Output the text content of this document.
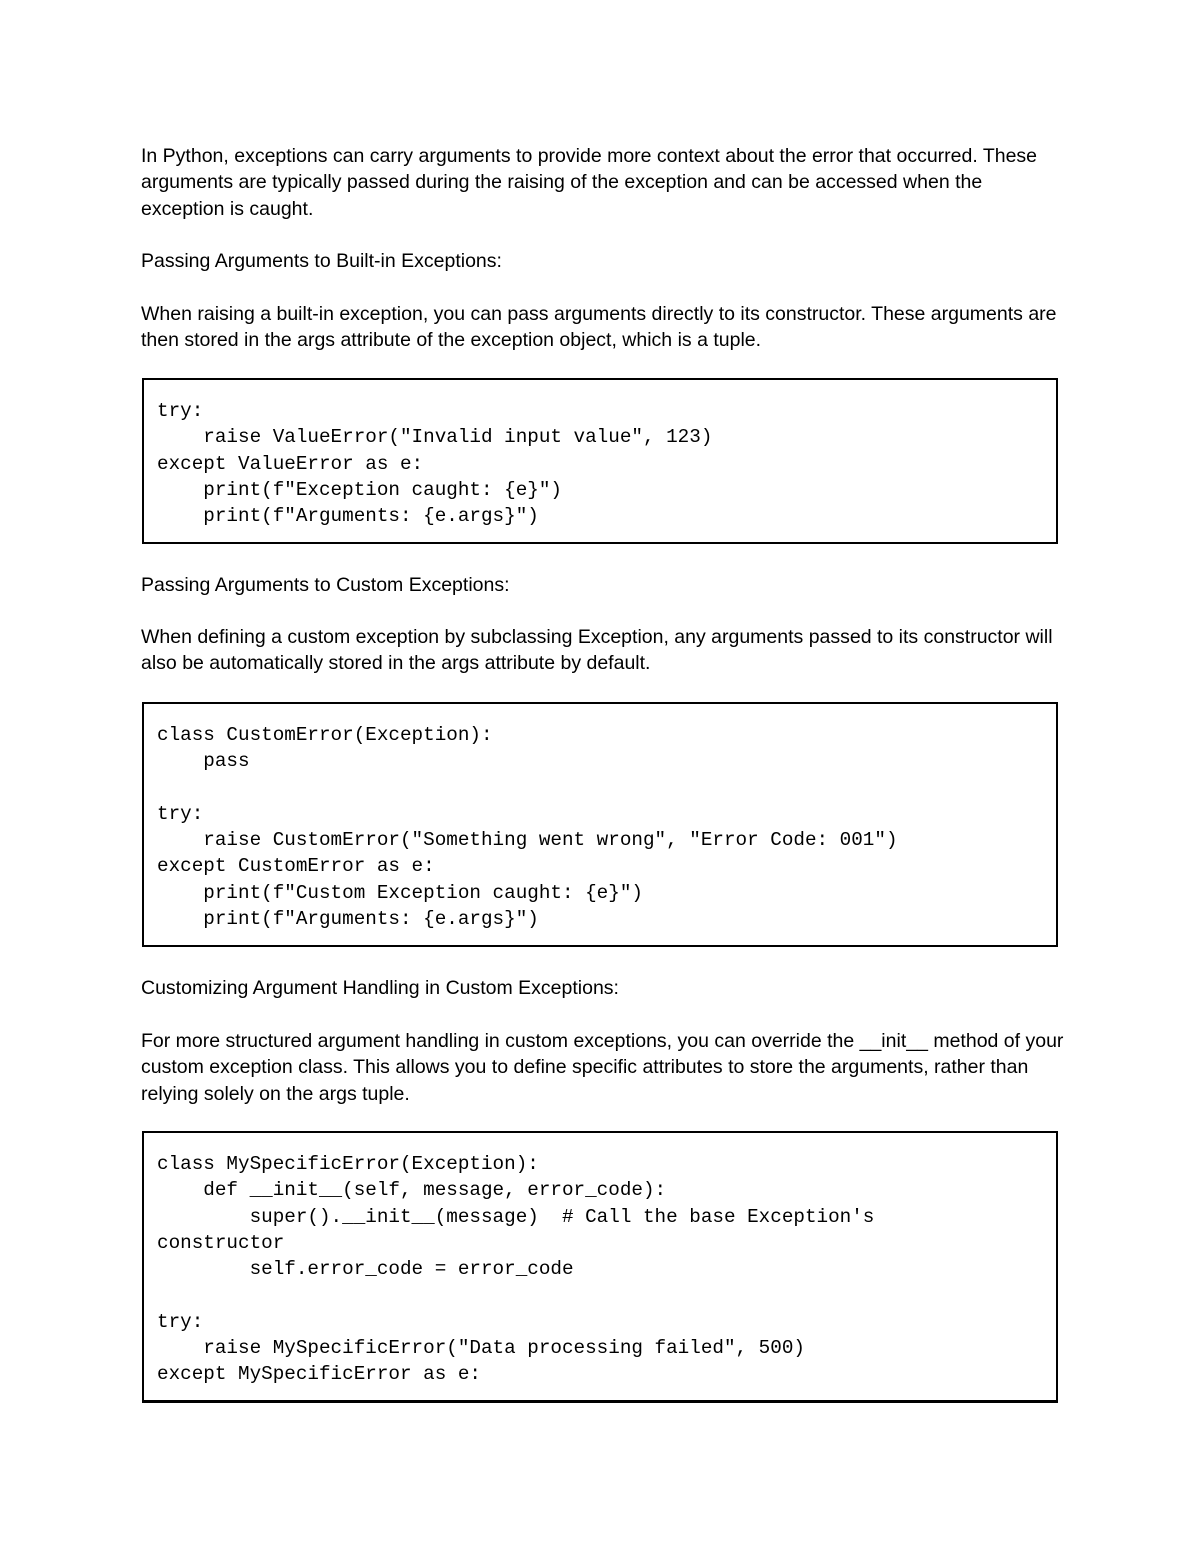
In Python, exceptions can carry arguments to provide more context about the error that occurred. These arguments are typically passed during the raising of the exception and can be accessed when the exception is caught.

Passing Arguments to Built-in Exceptions:

When raising a built-in exception, you can pass arguments directly to its constructor. These arguments are then stored in the args attribute of the exception object, which is a tuple.

try:
raise ValueError("Invalid input value", 123)
except ValueError as e:
print(f"Exception caught: {e}")
print(f"Arguments: {e.args}")

Passing Arguments to Custom Exceptions:

When defining a custom exception by subclassing Exception, any arguments passed to its constructor will also be automatically stored in the args attribute by default.

class CustomError(Exception):
pass
try:
raise CustomError("Something went wrong", "Error Code: 001")
except CustomError as e:
print(f"Custom Exception caught: {e}")
print(f"Arguments: {e.args}")

Customizing Argument Handling in Custom Exceptions:

For more structured argument handling in custom exceptions, you can override the __init__ method of your custom exception class. This allows you to define specific attributes to store the arguments, rather than relying solely on the args tuple.

class MySpecificError(Exception):
def __init__(self, message, error_code):
super().__init__(message)  # Call the base Exception's
constructor
self.error_code = error_code
try:
raise MySpecificError("Data processing failed", 500)
except MySpecificError as e:
